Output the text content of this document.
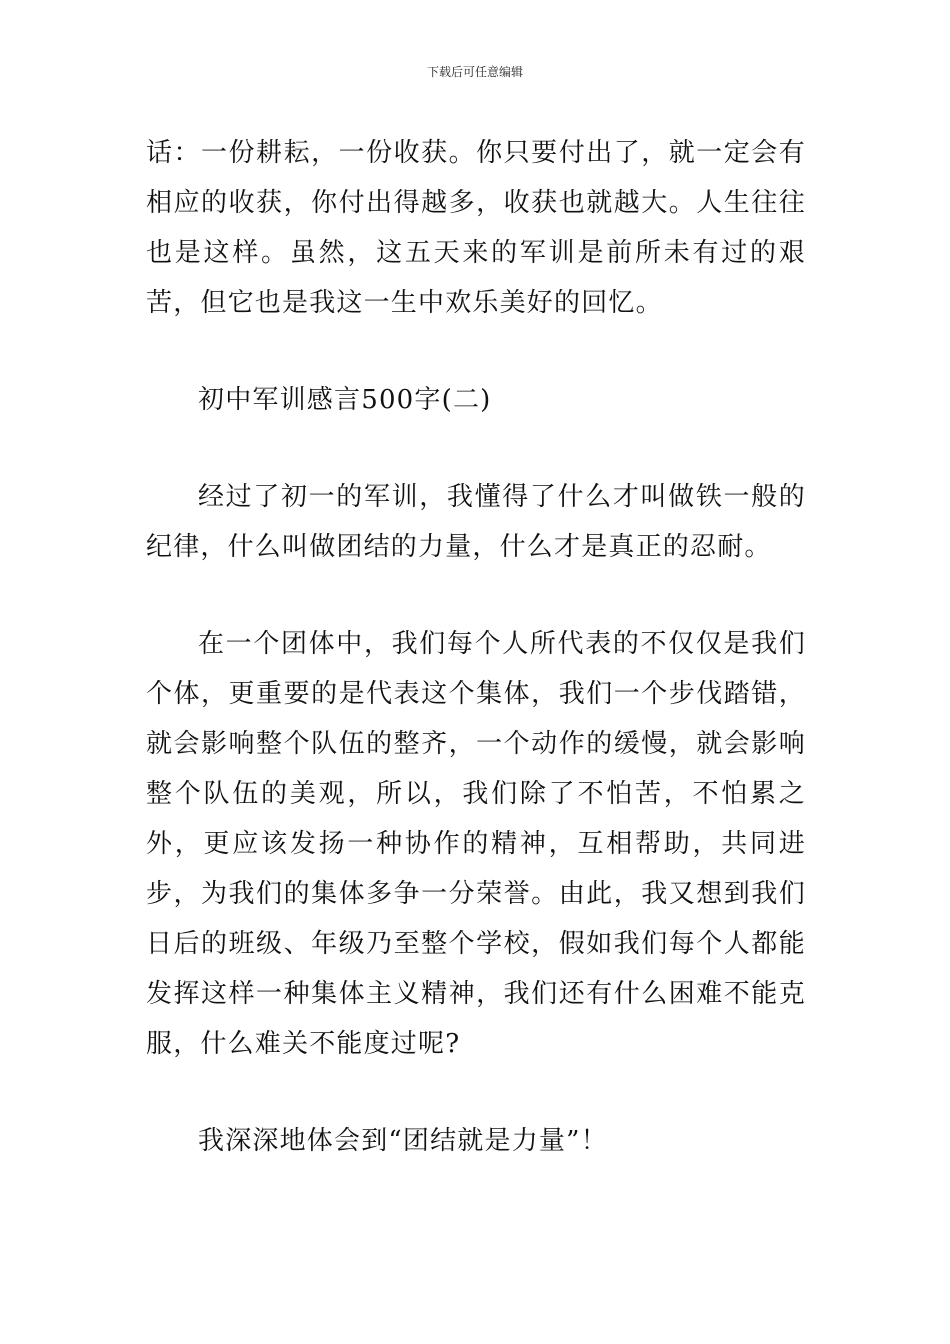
下载后可任意编辑

话：一份耕耘，一份收获。你只要付出了，就一定会有相应的收获，你付出得越多，收获也就越大。人生往往也是这样。虽然，这五天来的军训是前所未有过的艰苦，但它也是我这一生中欢乐美好的回忆。

初中军训感言500字(二)

经过了初一的军训，我懂得了什么才叫做铁一般的纪律，什么叫做团结的力量，什么才是真正的忍耐。

在一个团体中，我们每个人所代表的不仅仅是我们个体，更重要的是代表这个集体，我们一个步伐踏错，就会影响整个队伍的整齐，一个动作的缓慢，就会影响整个队伍的美观，所以，我们除了不怕苦，不怕累之外，更应该发扬一种协作的精神，互相帮助，共同进步，为我们的集体多争一分荣誉。由此，我又想到我们日后的班级、年级乃至整个学校，假如我们每个人都能发挥这样一种集体主义精神，我们还有什么困难不能克服，什么难关不能度过呢?

我深深地体会到“团结就是力量”！
